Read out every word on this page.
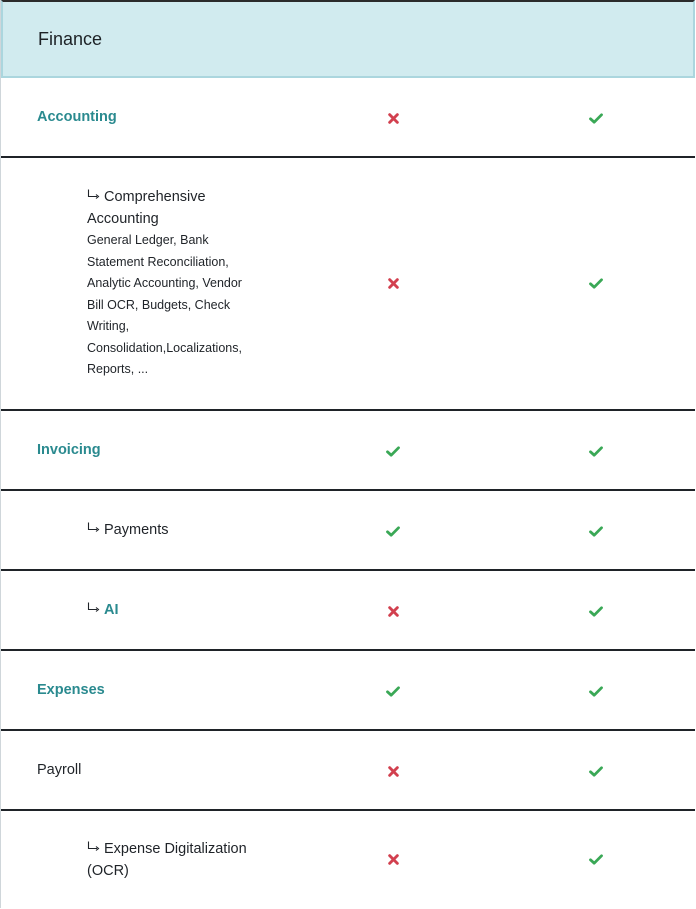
Finance
Accounting
Comprehensive Accounting
General Ledger, Bank Statement Reconciliation, Analytic Accounting, Vendor Bill OCR, Budgets, Check Writing, Consolidation,Localizations, Reports, ...
Invoicing
Payments
AI
Expenses
Payroll
Expense Digitalization (OCR)
